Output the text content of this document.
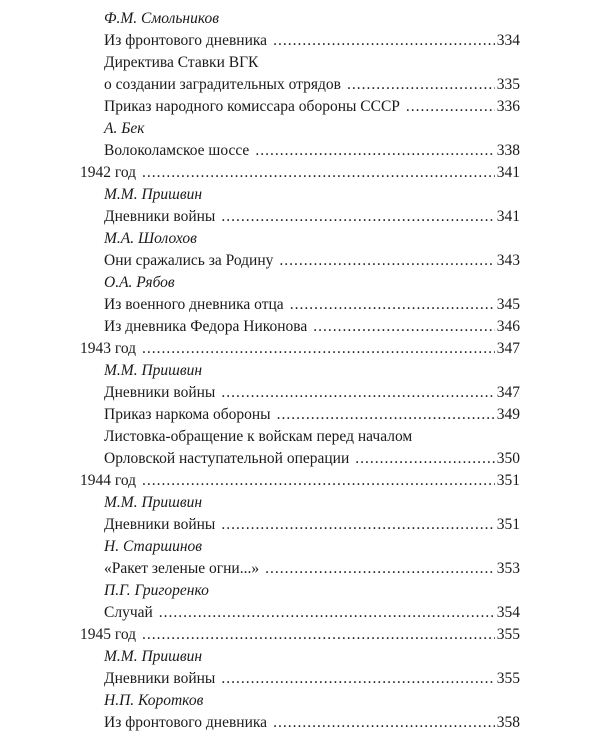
Ф.М. Смольников
Из фронтового дневника .....	334
Директива Ставки ВГК
о создании заградительных отрядов .....	335
Приказ народного комиссара обороны СССР .....	336
А. Бек
Волоколамское шоссе .....	338
1942 год .....	341
М.М. Пришвин
Дневники войны .....	341
М.А. Шолохов
Они сражались за Родину .....	343
О.А. Рябов
Из военного дневника отца .....	345
Из дневника Федора Никонова .....	346
1943 год .....	347
М.М. Пришвин
Дневники войны .....	347
Приказ наркома обороны .....	349
Листовка-обращение к войскам перед началом
Орловской наступательной операции .....	350
1944 год .....	351
М.М. Пришвин
Дневники войны .....	351
Н. Старшинов
«Ракет зеленые огни...» .....	353
П.Г. Григоренко
Случай .....	354
1945 год .....	355
М.М. Пришвин
Дневники войны .....	355
Н.П. Коротков
Из фронтового дневника .....	358
